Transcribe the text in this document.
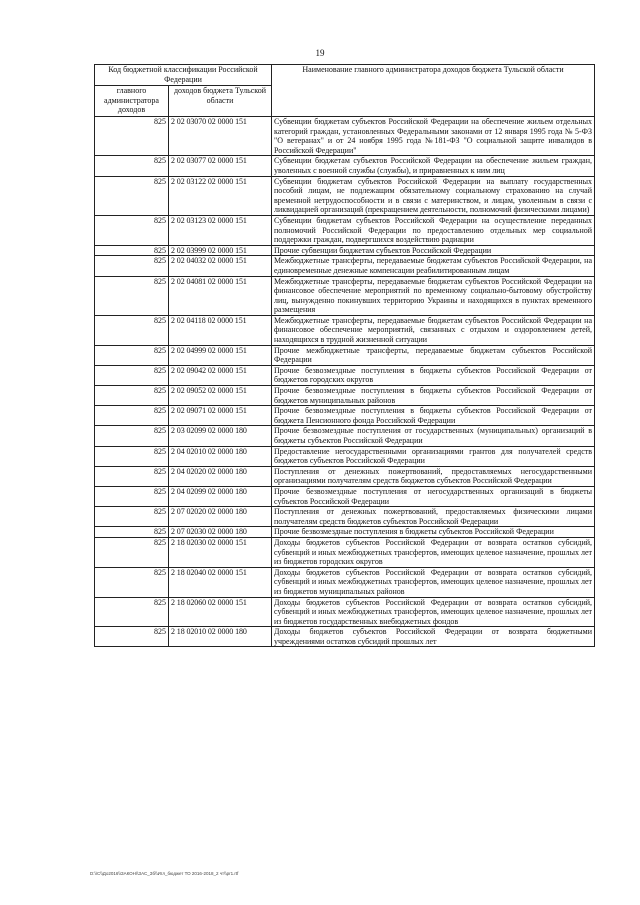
19
Код бюджетной классификации Российской Федерации		Наименование главного администратора доходов бюджета Тульской области
главного администратора доходов	доходов бюджета Тульской области	
825	2 02 03070 02 0000 151	Субвенции бюджетам субъектов Российской Федерации на обеспечение жильем отдельных категорий граждан, установленных Федеральными законами от 12 января 1995 года № 5-ФЗ "О ветеранах" и от 24 ноября 1995 года №181-ФЗ "О социальной защите инвалидов в Российской Федерации"
825	2 02 03077 02 0000 151	Субвенции бюджетам субъектов Российской Федерации на обеспечение жильем граждан, уволенных с военной службы (службы), и приравненных к ним лиц
825	2 02 03122 02 0000 151	Субвенции бюджетам субъектов Российской Федерации на выплату государственных пособий лицам, не подлежащим обязательному социальному страхованию на случай временной нетрудоспособности и в связи с материнством, и лицам, уволенным в связи с ликвидацией организаций (прекращением деятельности, полномочий физическими лицами)
825	2 02 03123 02 0000 151	Субвенции бюджетам субъектов Российской Федерации на осуществление переданных полномочий Российской Федерации по предоставлению отдельных мер социальной поддержки граждан, подвергшихся воздействию радиации
825	2 02 03999 02 0000 151	Прочие субвенции бюджетам субъектов Российской Федерации
825	2 02 04032 02 0000 151	Межбюджетные трансферты, передаваемые бюджетам субъектов Российской Федерации, на единовременные денежные компенсации реабилитированным лицам
825	2 02 04081 02 0000 151	Межбюджетные трансферты, передаваемые бюджетам субъектов Российской Федерации на финансовое обеспечение мероприятий по временному социально-бытовому обустройству лиц, вынужденно покинувших территорию Украины и находящихся в пунктах временного размещения
825	2 02 04118 02 0000 151	Межбюджетные трансферты, передаваемые бюджетам субъектов Российской Федерации на финансовое обеспечение мероприятий, связанных с отдыхом и оздоровлением детей, находящихся в трудной жизненной ситуации
825	2 02 04999 02 0000 151	Прочие межбюджетные трансферты, передаваемые бюджетам субъектов Российской Федерации
825	2 02 09042 02 0000 151	Прочие безвозмездные поступления в бюджеты субъектов Российской Федерации от бюджетов городских округов
825	2 02 09052 02 0000 151	Прочие безвозмездные поступления в бюджеты субъектов Российской Федерации от бюджетов муниципальных районов
825	2 02 09071 02 0000 151	Прочие безвозмездные поступления в бюджеты субъектов Российской Федерации от бюджета Пенсионного фонда Российской Федерации
825	2 03 02099 02 0000 180	Прочие безвозмездные поступления от государственных (муниципальных) организаций в бюджеты субъектов Российской Федерации
825	2 04 02010 02 0000 180	Предоставление негосударственными организациями грантов для получателей средств бюджетов субъектов Российской Федерации
825	2 04 02020 02 0000 180	Поступления от денежных пожертвований, предоставляемых негосударственными организациями получателям средств бюджетов субъектов Российской Федерации
825	2 04 02099 02 0000 180	Прочие безвозмездные поступления от негосударственных организаций в бюджеты субъектов Российской Федерации
825	2 07 02020 02 0000 180	Поступления от денежных пожертвований, предоставляемых физическими лицами получателям средств бюджетов субъектов Российской Федерации
825	2 07 02030 02 0000 180	Прочие безвозмездные поступления в бюджеты субъектов Российской Федерации
825	2 18 02030 02 0000 151	Доходы бюджетов субъектов Российской Федерации от возврата остатков субсидий, субвенций и иных межбюджетных трансфертов, имеющих целевое назначение, прошлых лет из бюджетов городских округов
825	2 18 02040 02 0000 151	Доходы бюджетов субъектов Российской Федерации от возврата остатков субсидий, субвенций и иных межбюджетных трансфертов, имеющих целевое назначение, прошлых лет из бюджетов муниципальных районов
825	2 18 02060 02 0000 151	Доходы бюджетов субъектов Российской Федерации от возврата остатков субсидий, субвенций и иных межбюджетных трансфертов, имеющих целевое назначение, прошлых лет из бюджетов государственных внебюджетных фондов
825	2 18 02010 02 0000 180	Доходы бюджетов субъектов Российской Федерации от возврата бюджетными учреждениями остатков субсидий прошлых лет
D:\\C\\До2016\\ЗАКОН\\ЗАС_Зб\\Игл_бюджет ТО 2016-2018_2 чт\\pr1.rtf
